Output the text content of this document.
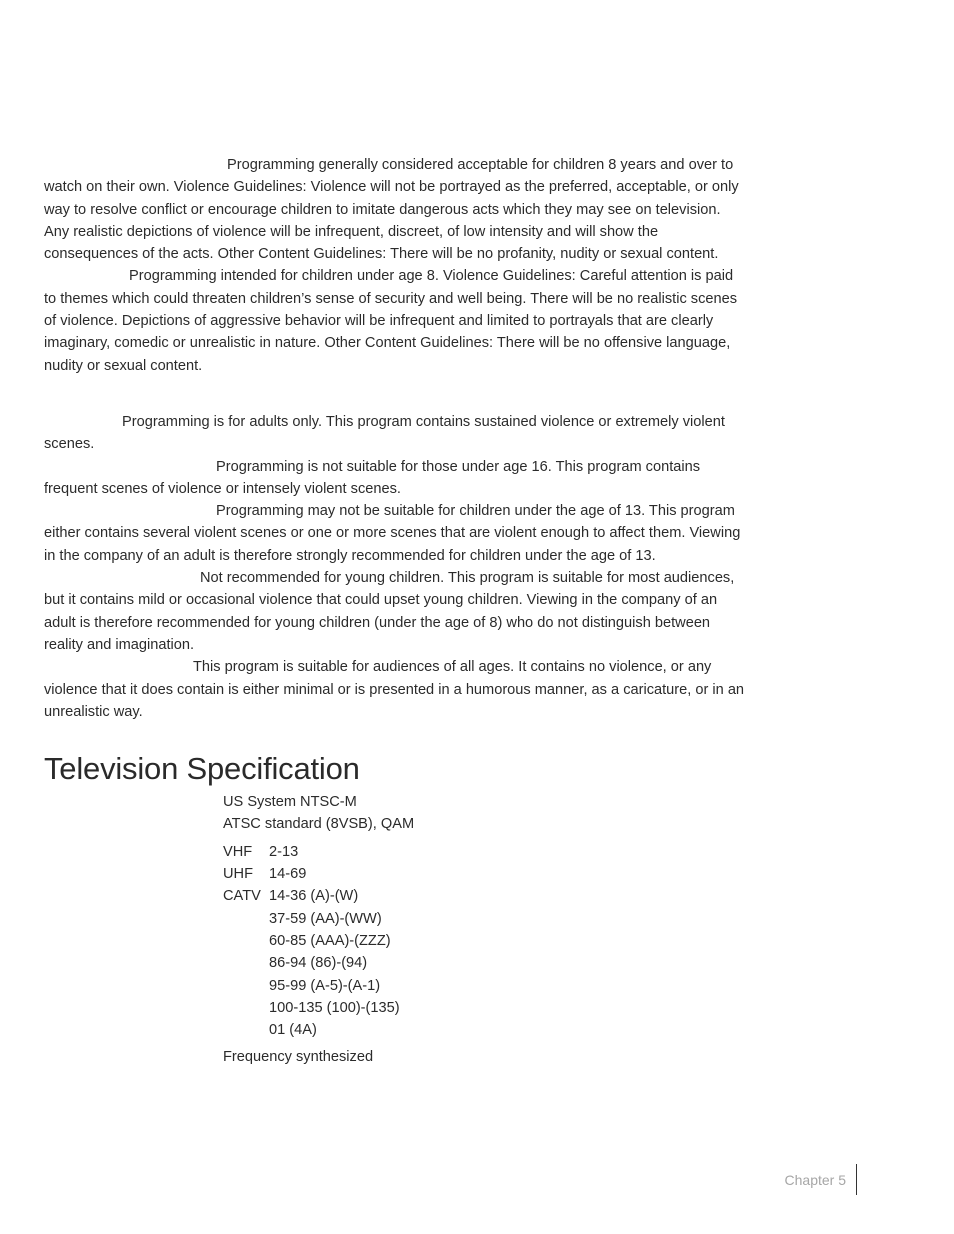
Programming generally considered acceptable for children 8 years and over to watch on their own. Violence Guidelines: Violence will not be portrayed as the preferred, acceptable, or only way to resolve conflict or encourage children to imitate dangerous acts which they may see on television. Any realistic depictions of violence will be infrequent, discreet, of low intensity and will show the consequences of the acts. Other Content Guidelines: There will be no profanity, nudity or sexual content.

Programming intended for children under age 8. Violence Guidelines: Careful attention is paid to themes which could threaten children’s sense of security and well being. There will be no realistic scenes of violence. Depictions of aggressive behavior will be infrequent and limited to portrayals that are clearly imaginary, comedic or unrealistic in nature. Other Content Guidelines: There will be no offensive language, nudity or sexual content.

Programming is for adults only. This program contains sustained violence or extremely violent scenes.

Programming is not suitable for those under age 16. This program contains frequent scenes of violence or intensely violent scenes.

Programming may not be suitable for children under the age of 13. This program either contains several violent scenes or one or more scenes that are violent enough to affect them. Viewing in the company of an adult is therefore strongly recommended for children under the age of 13.

Not recommended for young children. This program is suitable for most audiences, but it contains mild or occasional violence that could upset young children. Viewing in the company of an adult is therefore recommended for young children (under the age of 8) who do not distinguish between reality and imagination.

This program is suitable for audiences of all ages. It contains no violence, or any violence that it does contain is either minimal or is presented in a humorous manner, as a caricature, or in an unrealistic way.

Television Specification
US System NTSC-M
ATSC standard (8VSB), QAM
VHF	2-13
UHF	14-69
CATV 14-36 (A)-(W)
37-59 (AA)-(WW)
60-85 (AAA)-(ZZZ)
86-94 (86)-(94)
95-99 (A-5)-(A-1)
100-135 (100)-(135)
01 (4A)
Frequency synthesized
Chapter 5
